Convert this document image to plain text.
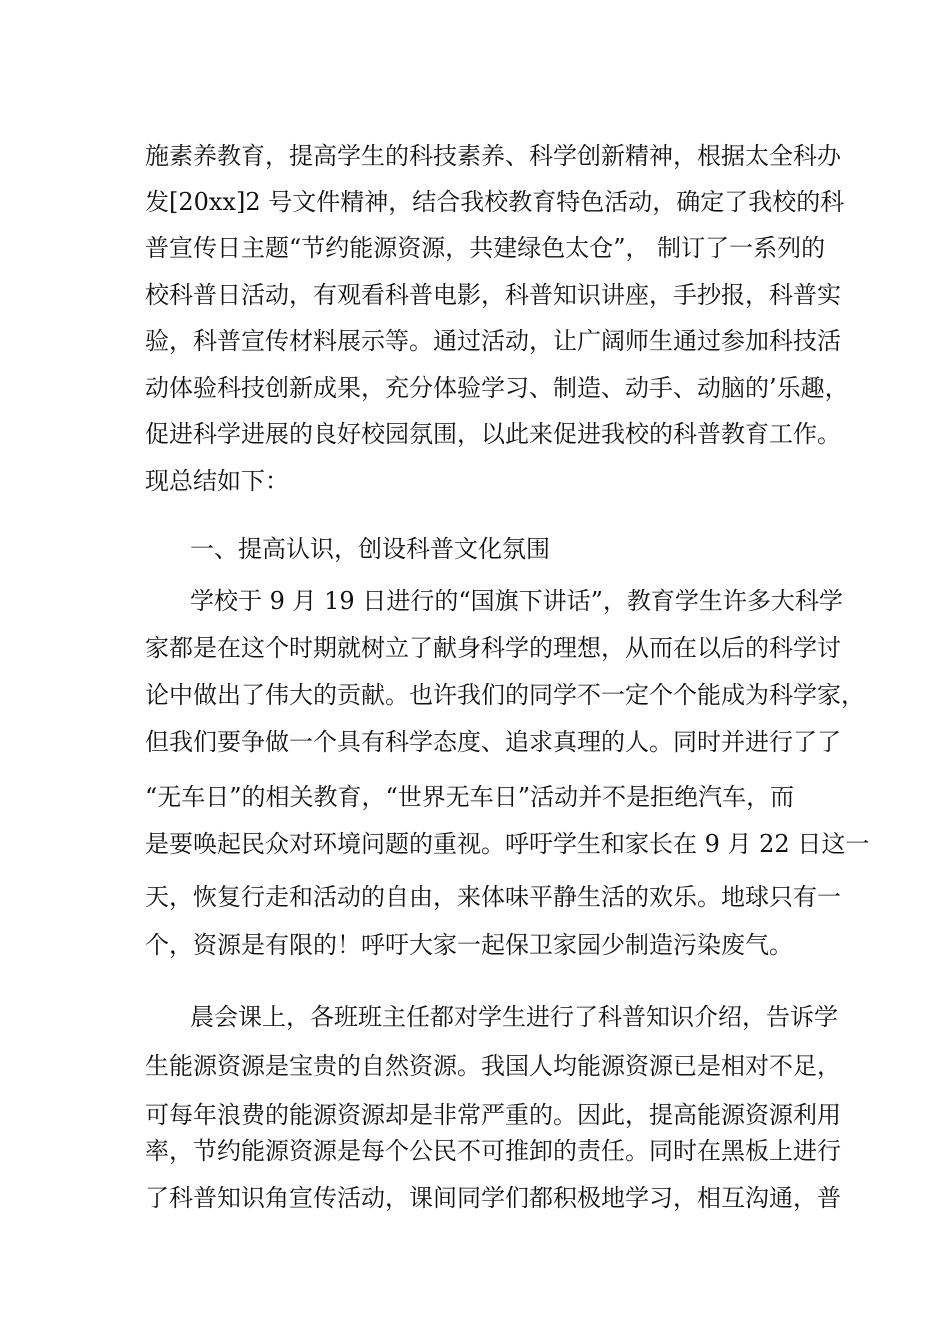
施素养教育，提高学生的科技素养、科学创新精神，根据太全科办
发[20xx]2 号文件精神，结合我校教育特色活动，确定了我校的科
普宣传日主题“节约能源资源，共建绿色太仓”， 制订了一系列的
校科普日活动，有观看科普电影，科普知识讲座，手抄报，科普实
验，科普宣传材料展示等。通过活动，让广阔师生通过参加科技活
动体验科技创新成果，充分体验学习、制造、动手、动脑的’乐趣，
促进科学进展的良好校园氛围，以此来促进我校的科普教育工作。
现总结如下：
一、提高认识，创设科普文化氛围
学校于 9 月 19 日进行的“国旗下讲话”，教育学生许多大科学
家都是在这个时期就树立了献身科学的理想，从而在以后的科学讨
论中做出了伟大的贡献。也许我们的同学不一定个个能成为科学家，
但我们要争做一个具有科学态度、追求真理的人。同时并进行了了
“无车日”的相关教育，“世界无车日”活动并不是拒绝汽车，而
是要唤起民众对环境问题的重视。呼吁学生和家长在 9 月 22 日这一
天，恢复行走和活动的自由，来体味平静生活的欢乐。地球只有一
个，资源是有限的！呼吁大家一起保卫家园少制造污染废气。
晨会课上，各班班主任都对学生进行了科普知识介绍，告诉学
生能源资源是宝贵的自然资源。我国人均能源资源已是相对不足，
可每年浪费的能源资源却是非常严重的。因此，提高能源资源利用
率，节约能源资源是每个公民不可推卸的责任。同时在黑板上进行
了科普知识角宣传活动，课间同学们都积极地学习，相互沟通，普
